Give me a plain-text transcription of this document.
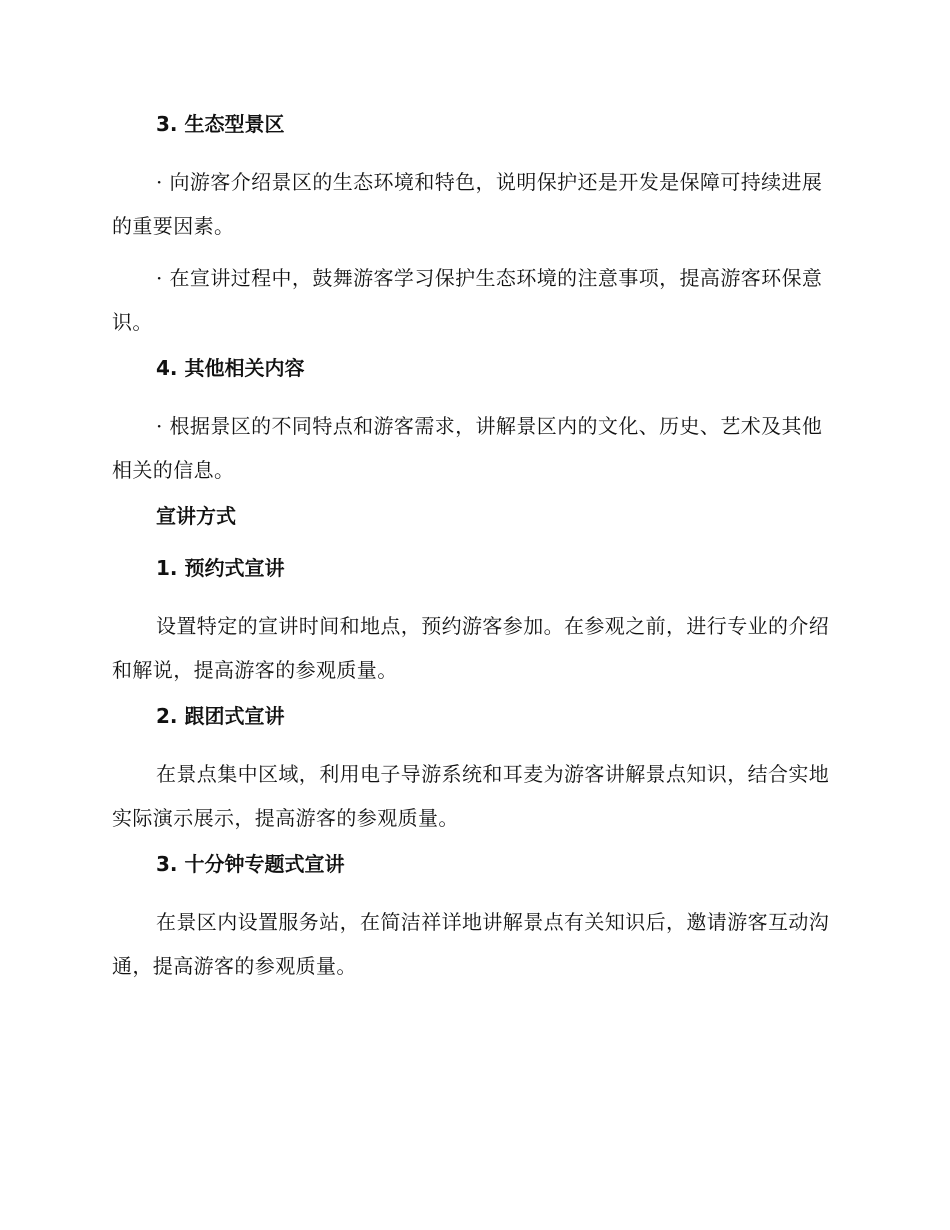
3. 生态型景区

· 向游客介绍景区的生态环境和特色，说明保护还是开发是保障可持续进展的重要因素。

· 在宣讲过程中，鼓舞游客学习保护生态环境的注意事项，提高游客环保意识。

4. 其他相关内容

· 根据景区的不同特点和游客需求，讲解景区内的文化、历史、艺术及其他相关的信息。

宣讲方式
1. 预约式宣讲

设置特定的宣讲时间和地点，预约游客参加。在参观之前，进行专业的介绍和解说，提高游客的参观质量。

2. 跟团式宣讲

在景点集中区域，利用电子导游系统和耳麦为游客讲解景点知识，结合实地实际演示展示，提高游客的参观质量。

3. 十分钟专题式宣讲

在景区内设置服务站，在简洁祥详地讲解景点有关知识后，邀请游客互动沟通，提高游客的参观质量。
